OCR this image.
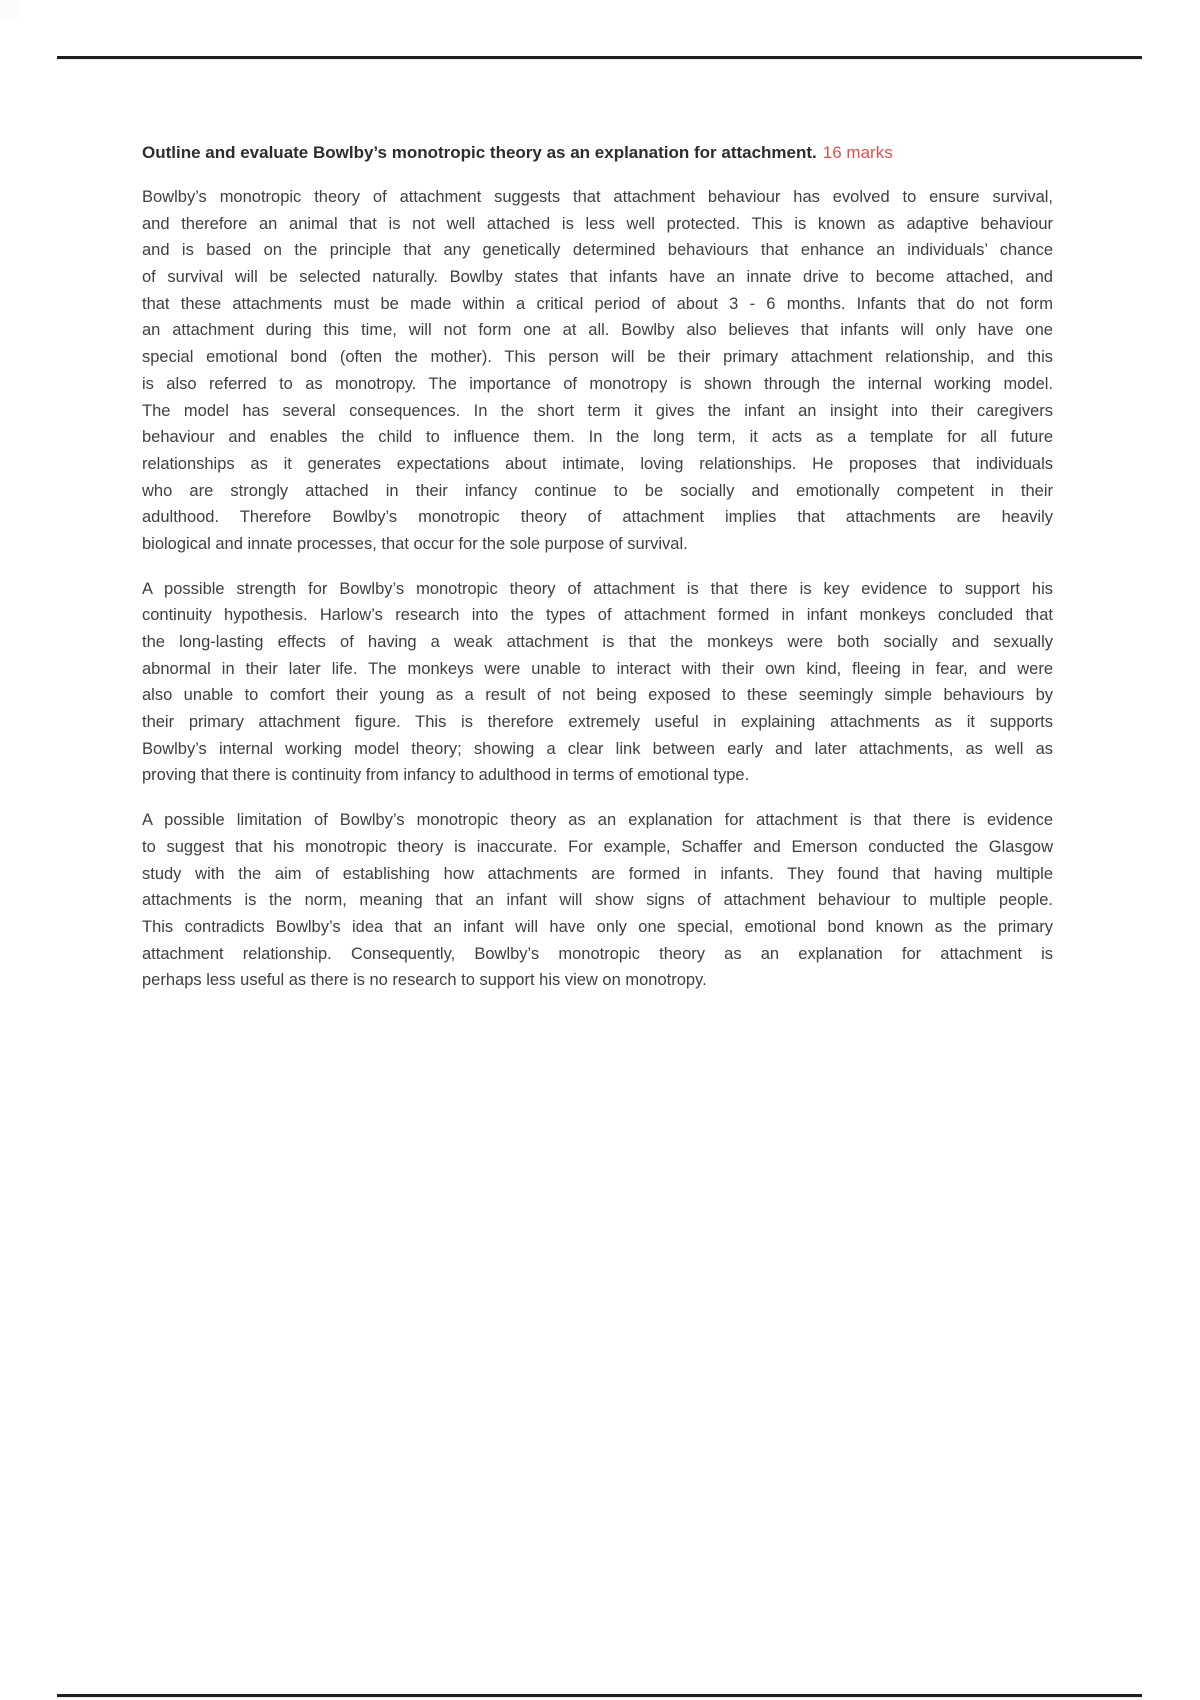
Outline and evaluate Bowlby’s monotropic theory as an explanation for attachment. 16 marks
Bowlby’s monotropic theory of attachment suggests that attachment behaviour has evolved to ensure survival,
and therefore an animal that is not well attached is less well protected. This is known as adaptive behaviour
and is based on the principle that any genetically determined behaviours that enhance an individuals’ chance
of survival will be selected naturally. Bowlby states that infants have an innate drive to become attached, and
that these attachments must be made within a critical period of about 3 - 6 months. Infants that do not form
an attachment during this time, will not form one at all. Bowlby also believes that infants will only have one
special emotional bond (often the mother). This person will be their primary attachment relationship, and this
is also referred to as monotropy. The importance of monotropy is shown through the internal working model.
The model has several consequences. In the short term it gives the infant an insight into their caregivers
behaviour and enables the child to influence them. In the long term, it acts as a template for all future
relationships as it generates expectations about intimate, loving relationships. He proposes that individuals
who are strongly attached in their infancy continue to be socially and emotionally competent in their
adulthood. Therefore Bowlby’s monotropic theory of attachment implies that attachments are heavily
biological and innate processes, that occur for the sole purpose of survival.
A possible strength for Bowlby’s monotropic theory of attachment is that there is key evidence to support his
continuity hypothesis. Harlow’s research into the types of attachment formed in infant monkeys concluded that
the long-lasting effects of having a weak attachment is that the monkeys were both socially and sexually
abnormal in their later life. The monkeys were unable to interact with their own kind, fleeing in fear, and were
also unable to comfort their young as a result of not being exposed to these seemingly simple behaviours by
their primary attachment figure. This is therefore extremely useful in explaining attachments as it supports
Bowlby’s internal working model theory; showing a clear link between early and later attachments, as well as
proving that there is continuity from infancy to adulthood in terms of emotional type.
A possible limitation of Bowlby’s monotropic theory as an explanation for attachment is that there is evidence
to suggest that his monotropic theory is inaccurate. For example, Schaffer and Emerson conducted the Glasgow
study with the aim of establishing how attachments are formed in infants. They found that having multiple
attachments is the norm, meaning that an infant will show signs of attachment behaviour to multiple people.
This contradicts Bowlby’s idea that an infant will have only one special, emotional bond known as the primary
attachment relationship. Consequently, Bowlby’s monotropic theory as an explanation for attachment is
perhaps less useful as there is no research to support his view on monotropy.
